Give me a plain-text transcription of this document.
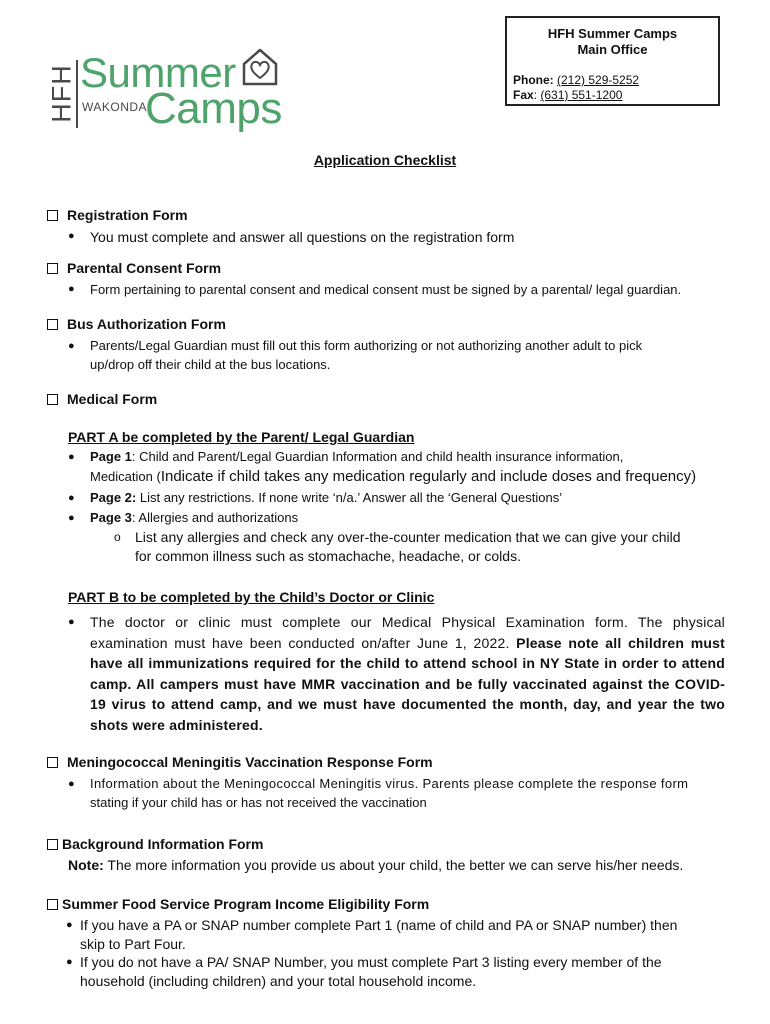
HFH Summer
WAKONDA
Camps
HFH Summer Camps
Main Office
Phone: (212) 529-5252
Fax: (631) 551-1200
Application Checklist
Registration Form
● You must complete and answer all questions on the registration form
Parental Consent Form
● Form pertaining to parental consent and medical consent must be signed by a parental/ legal guardian.
Bus Authorization Form
● Parents/Legal Guardian must fill out this form authorizing or not authorizing another adult to pick
up/drop off their child at the bus locations.
Medical Form
PART A be completed by the Parent/ Legal Guardian
● Page 1: Child and Parent/Legal Guardian Information and child health insurance information,
Medication (Indicate if child takes any medication regularly and include doses and frequency)
● Page 2: List any restrictions. If none write ‘n/a.’ Answer all the ‘General Questions’
● Page 3: Allergies and authorizations
o List any allergies and check any over-the-counter medication that we can give your child
for common illness such as stomachache, headache, or colds.
PART B to be completed by the Child’s Doctor or Clinic
● The doctor or clinic must complete our Medical Physical Examination form. The physical examination must have been conducted on/after June 1, 2022. Please note all children must have all immunizations required for the child to attend school in NY State in order to attend camp. All campers must have MMR vaccination and be fully vaccinated against the COVID-19 virus to attend camp, and we must have documented the month, day, and year the two shots were administered.
Meningococcal Meningitis Vaccination Response Form
● Information about the Meningococcal Meningitis virus. Parents please complete the response form
stating if your child has or has not received the vaccination
Background Information Form
Note: The more information you provide us about your child, the better we can serve his/her needs.
Summer Food Service Program Income Eligibility Form
● If you have a PA or SNAP number complete Part 1 (name of child and PA or SNAP number) then
skip to Part Four.
● If you do not have a PA/ SNAP Number, you must complete Part 3 listing every member of the
household (including children) and your total household income.
